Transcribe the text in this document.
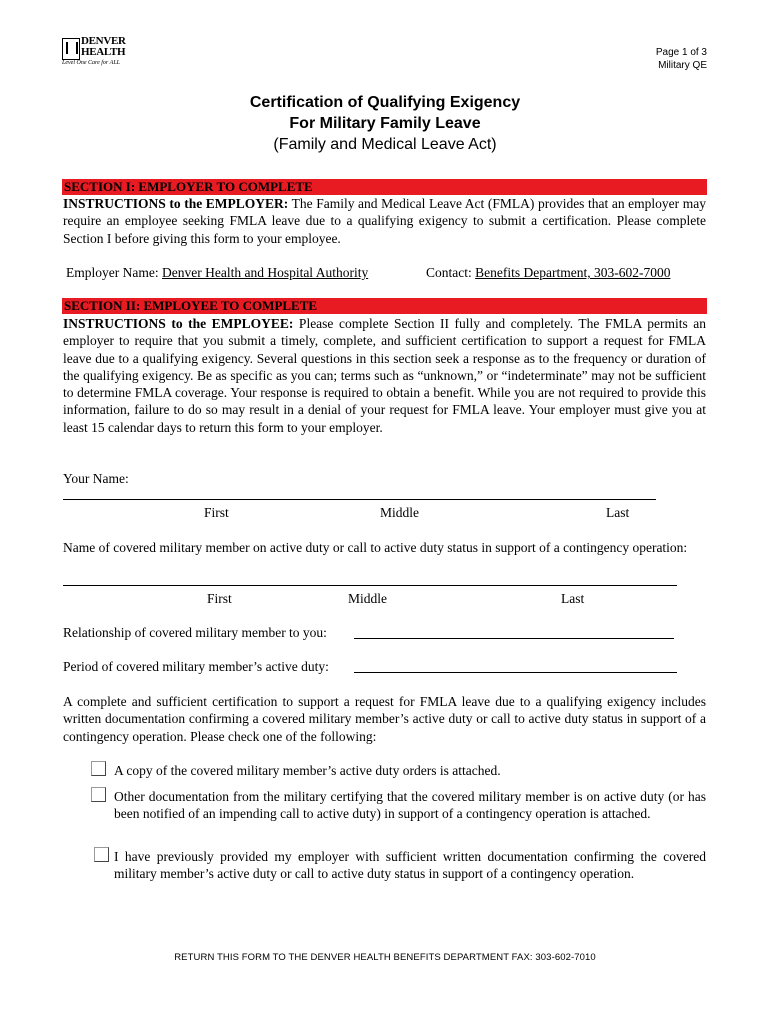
DENVER
HEALTH
Level One Care for ALL
Page 1 of 3
Military QE
Certification of Qualifying Exigency
For Military Family Leave
(Family and Medical Leave Act)
SECTION I: EMPLOYER TO COMPLETE
INSTRUCTIONS to the EMPLOYER: The Family and Medical Leave Act (FMLA) provides that an employer may require an employee seeking FMLA leave due to a qualifying exigency to submit a certification. Please complete Section I before giving this form to your employee.
Employer Name: Denver Health and Hospital Authority	Contact: Benefits Department, 303-602-7000
SECTION II: EMPLOYEE TO COMPLETE
INSTRUCTIONS to the EMPLOYEE: Please complete Section II fully and completely. The FMLA permits an employer to require that you submit a timely, complete, and sufficient certification to support a request for FMLA leave due to a qualifying exigency. Several questions in this section seek a response as to the frequency or duration of the qualifying exigency. Be as specific as you can; terms such as “unknown,” or “indeterminate” may not be sufficient to determine FMLA coverage. Your response is required to obtain a benefit. While you are not required to provide this information, failure to do so may result in a denial of your request for FMLA leave. Your employer must give you at least 15 calendar days to return this form to your employer.
Your Name:
First	Middle	Last
Name of covered military member on active duty or call to active duty status in support of a contingency operation:
First	Middle	Last
Relationship of covered military member to you:
Period of covered military member’s active duty:
A complete and sufficient certification to support a request for FMLA leave due to a qualifying exigency includes written documentation confirming a covered military member’s active duty or call to active duty status in support of a contingency operation. Please check one of the following:
A copy of the covered military member’s active duty orders is attached.
Other documentation from the military certifying that the covered military member is on active duty (or has been notified of an impending call to active duty) in support of a contingency operation is attached.
I have previously provided my employer with sufficient written documentation confirming the covered military member’s active duty or call to active duty status in support of a contingency operation.
RETURN THIS FORM TO THE DENVER HEALTH BENEFITS DEPARTMENT FAX: 303-602-7010
